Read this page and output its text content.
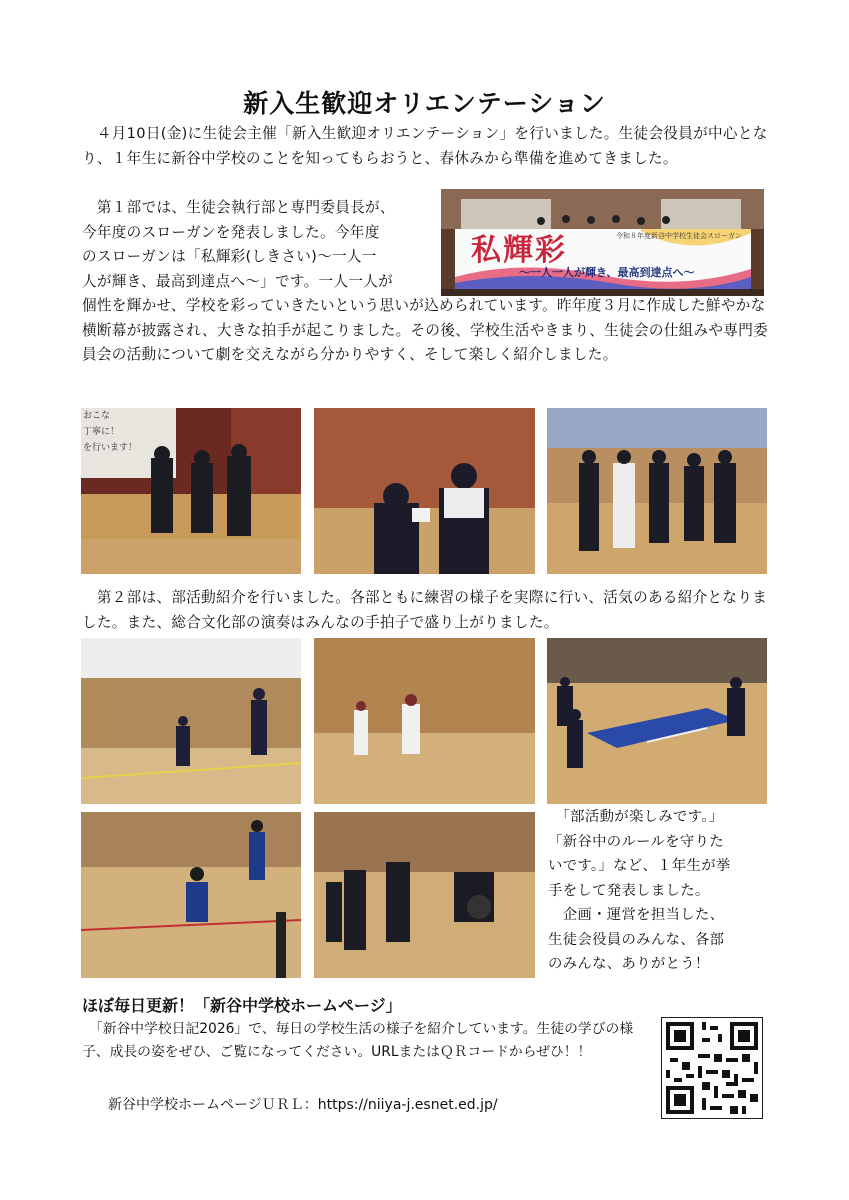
新入生歓迎オリエンテーション
　４月10日(金)に生徒会主催「新入生歓迎オリエンテーション」を行いました。生徒会役員が中心となり、１年生に新谷中学校のことを知ってもらおうと、春休みから準備を進めてきました。
　第１部では、生徒会執行部と専門委員長が、
今年度のスローガンを発表しました。今年度
のスローガンは「私輝彩(しきさい)～一人一
人が輝き、最高到達点へ～」です。一人一人が
私輝彩	令和８年度新谷中学校生徒会スローガン
～一人一人が輝き、最高到達点へ～
個性を輝かせ、学校を彩っていきたいという思いが込められています。昨年度３月に作成した鮮やかな横断幕が披露され、大きな拍手が起こりました。その後、学校生活やきまり、生徒会の仕組みや専門委員会の活動について劇を交えながら分かりやすく、そして楽しく紹介しました。
おこな
丁寧に！
を行います！
　第２部は、部活動紹介を行いました。各部ともに練習の様子を実際に行い、活気のある紹介となりました。また、総合文化部の演奏はみんなの手拍子で盛り上がりました。
　「部活動が楽しみです。」
「新谷中のルールを守りた
いです。」など、１年生が挙
手をして発表しました。
　企画・運営を担当した、
生徒会役員のみんな、各部
のみんな、ありがとう！
ほぼ毎日更新！「新谷中学校ホームページ」
　「新谷中学校日記2026」で、毎日の学校生活の様子を紹介しています。生徒の学びの様子、成長の姿をぜひ、ご覧になってください。URLまたはＱＲコードからぜひ！！
新谷中学校ホームページＵＲＬ：https://niiya-j.esnet.ed.jp/
